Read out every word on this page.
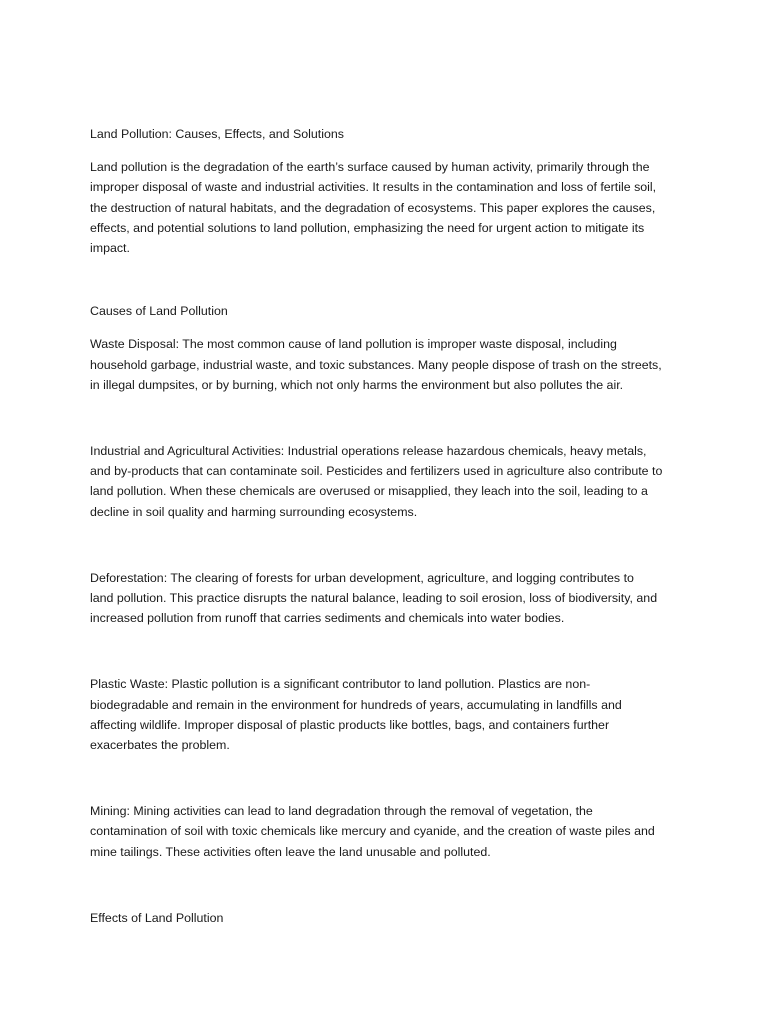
Land Pollution: Causes, Effects, and Solutions

Land pollution is the degradation of the earth’s surface caused by human activity, primarily through the
improper disposal of waste and industrial activities. It results in the contamination and loss of fertile soil,
the destruction of natural habitats, and the degradation of ecosystems. This paper explores the causes,
effects, and potential solutions to land pollution, emphasizing the need for urgent action to mitigate its
impact.

Causes of Land Pollution

Waste Disposal: The most common cause of land pollution is improper waste disposal, including
household garbage, industrial waste, and toxic substances. Many people dispose of trash on the streets,
in illegal dumpsites, or by burning, which not only harms the environment but also pollutes the air.

Industrial and Agricultural Activities: Industrial operations release hazardous chemicals, heavy metals,
and by-products that can contaminate soil. Pesticides and fertilizers used in agriculture also contribute to
land pollution. When these chemicals are overused or misapplied, they leach into the soil, leading to a
decline in soil quality and harming surrounding ecosystems.

Deforestation: The clearing of forests for urban development, agriculture, and logging contributes to
land pollution. This practice disrupts the natural balance, leading to soil erosion, loss of biodiversity, and
increased pollution from runoff that carries sediments and chemicals into water bodies.

Plastic Waste: Plastic pollution is a significant contributor to land pollution. Plastics are non-
biodegradable and remain in the environment for hundreds of years, accumulating in landfills and
affecting wildlife. Improper disposal of plastic products like bottles, bags, and containers further
exacerbates the problem.

Mining: Mining activities can lead to land degradation through the removal of vegetation, the
contamination of soil with toxic chemicals like mercury and cyanide, and the creation of waste piles and
mine tailings. These activities often leave the land unusable and polluted.

Effects of Land Pollution
